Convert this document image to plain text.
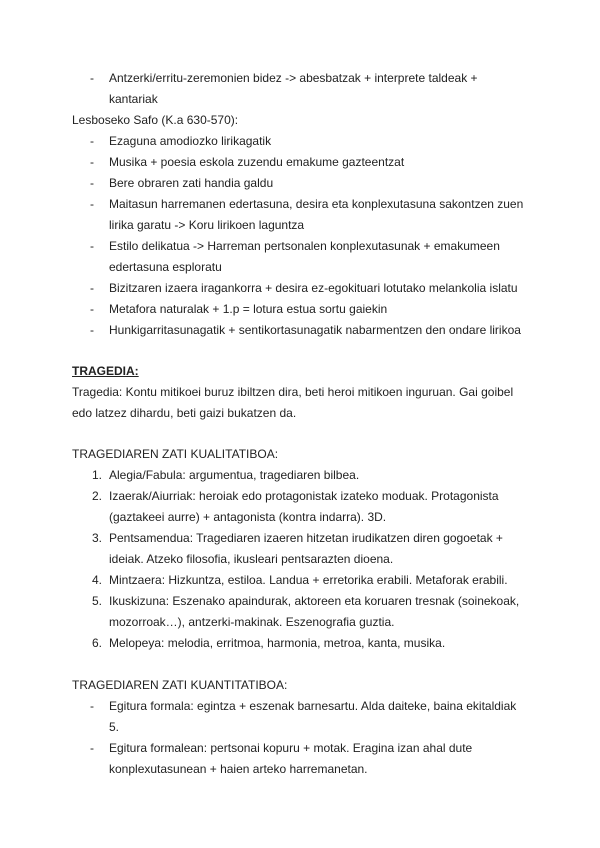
- Antzerki/erritu-zeremonien bidez -> abesbatzak + interprete taldeak +
kantariak
Lesboseko Safo (K.a 630-570):
- Ezaguna amodiozko lirikagatik
- Musika + poesia eskola zuzendu emakume gazteentzat
- Bere obraren zati handia galdu
- Maitasun harremanen edertasuna, desira eta konplexutasuna sakontzen zuen
lirika garatu -> Koru lirikoen laguntza
- Estilo delikatua -> Harreman pertsonalen konplexutasunak + emakumeen
edertasuna esploratu
- Bizitzaren izaera iragankorra + desira ez-egokituari lotutako melankolia islatu
- Metafora naturalak + 1.p = lotura estua sortu gaiekin
- Hunkigarritasunagatik + sentikortasunagatik nabarmentzen den ondare lirikoa
TRAGEDIA:
Tragedia: Kontu mitikoei buruz ibiltzen dira, beti heroi mitikoen inguruan. Gai goibel
edo latzez dihardu, beti gaizi bukatzen da.
TRAGEDIAREN ZATI KUALITATIBOA:
1. Alegia/Fabula: argumentua, tragediaren bilbea.
2. Izaerak/Aiurriak: heroiak edo protagonistak izateko moduak. Protagonista
(gaztakeei aurre) + antagonista (kontra indarra). 3D.
3. Pentsamendua: Tragediaren izaeren hitzetan irudikatzen diren gogoetak +
ideiak. Atzeko filosofia, ikusleari pentsarazten dioena.
4. Mintzaera: Hizkuntza, estiloa. Landua + erretorika erabili. Metaforak erabili.
5. Ikuskizuna: Eszenako apaindurak, aktoreen eta koruaren tresnak (soinekoak,
mozorroak…), antzerki-makinak. Eszenografia guztia.
6. Melopeya: melodia, erritmoa, harmonia, metroa, kanta, musika.
TRAGEDIAREN ZATI KUANTITATIBOA:
- Egitura formala: egintza + eszenak barnesartu. Alda daiteke, baina ekitaldiak
5.
- Egitura formalean: pertsonai kopuru + motak. Eragina izan ahal dute
konplexutasunean + haien arteko harremanetan.
